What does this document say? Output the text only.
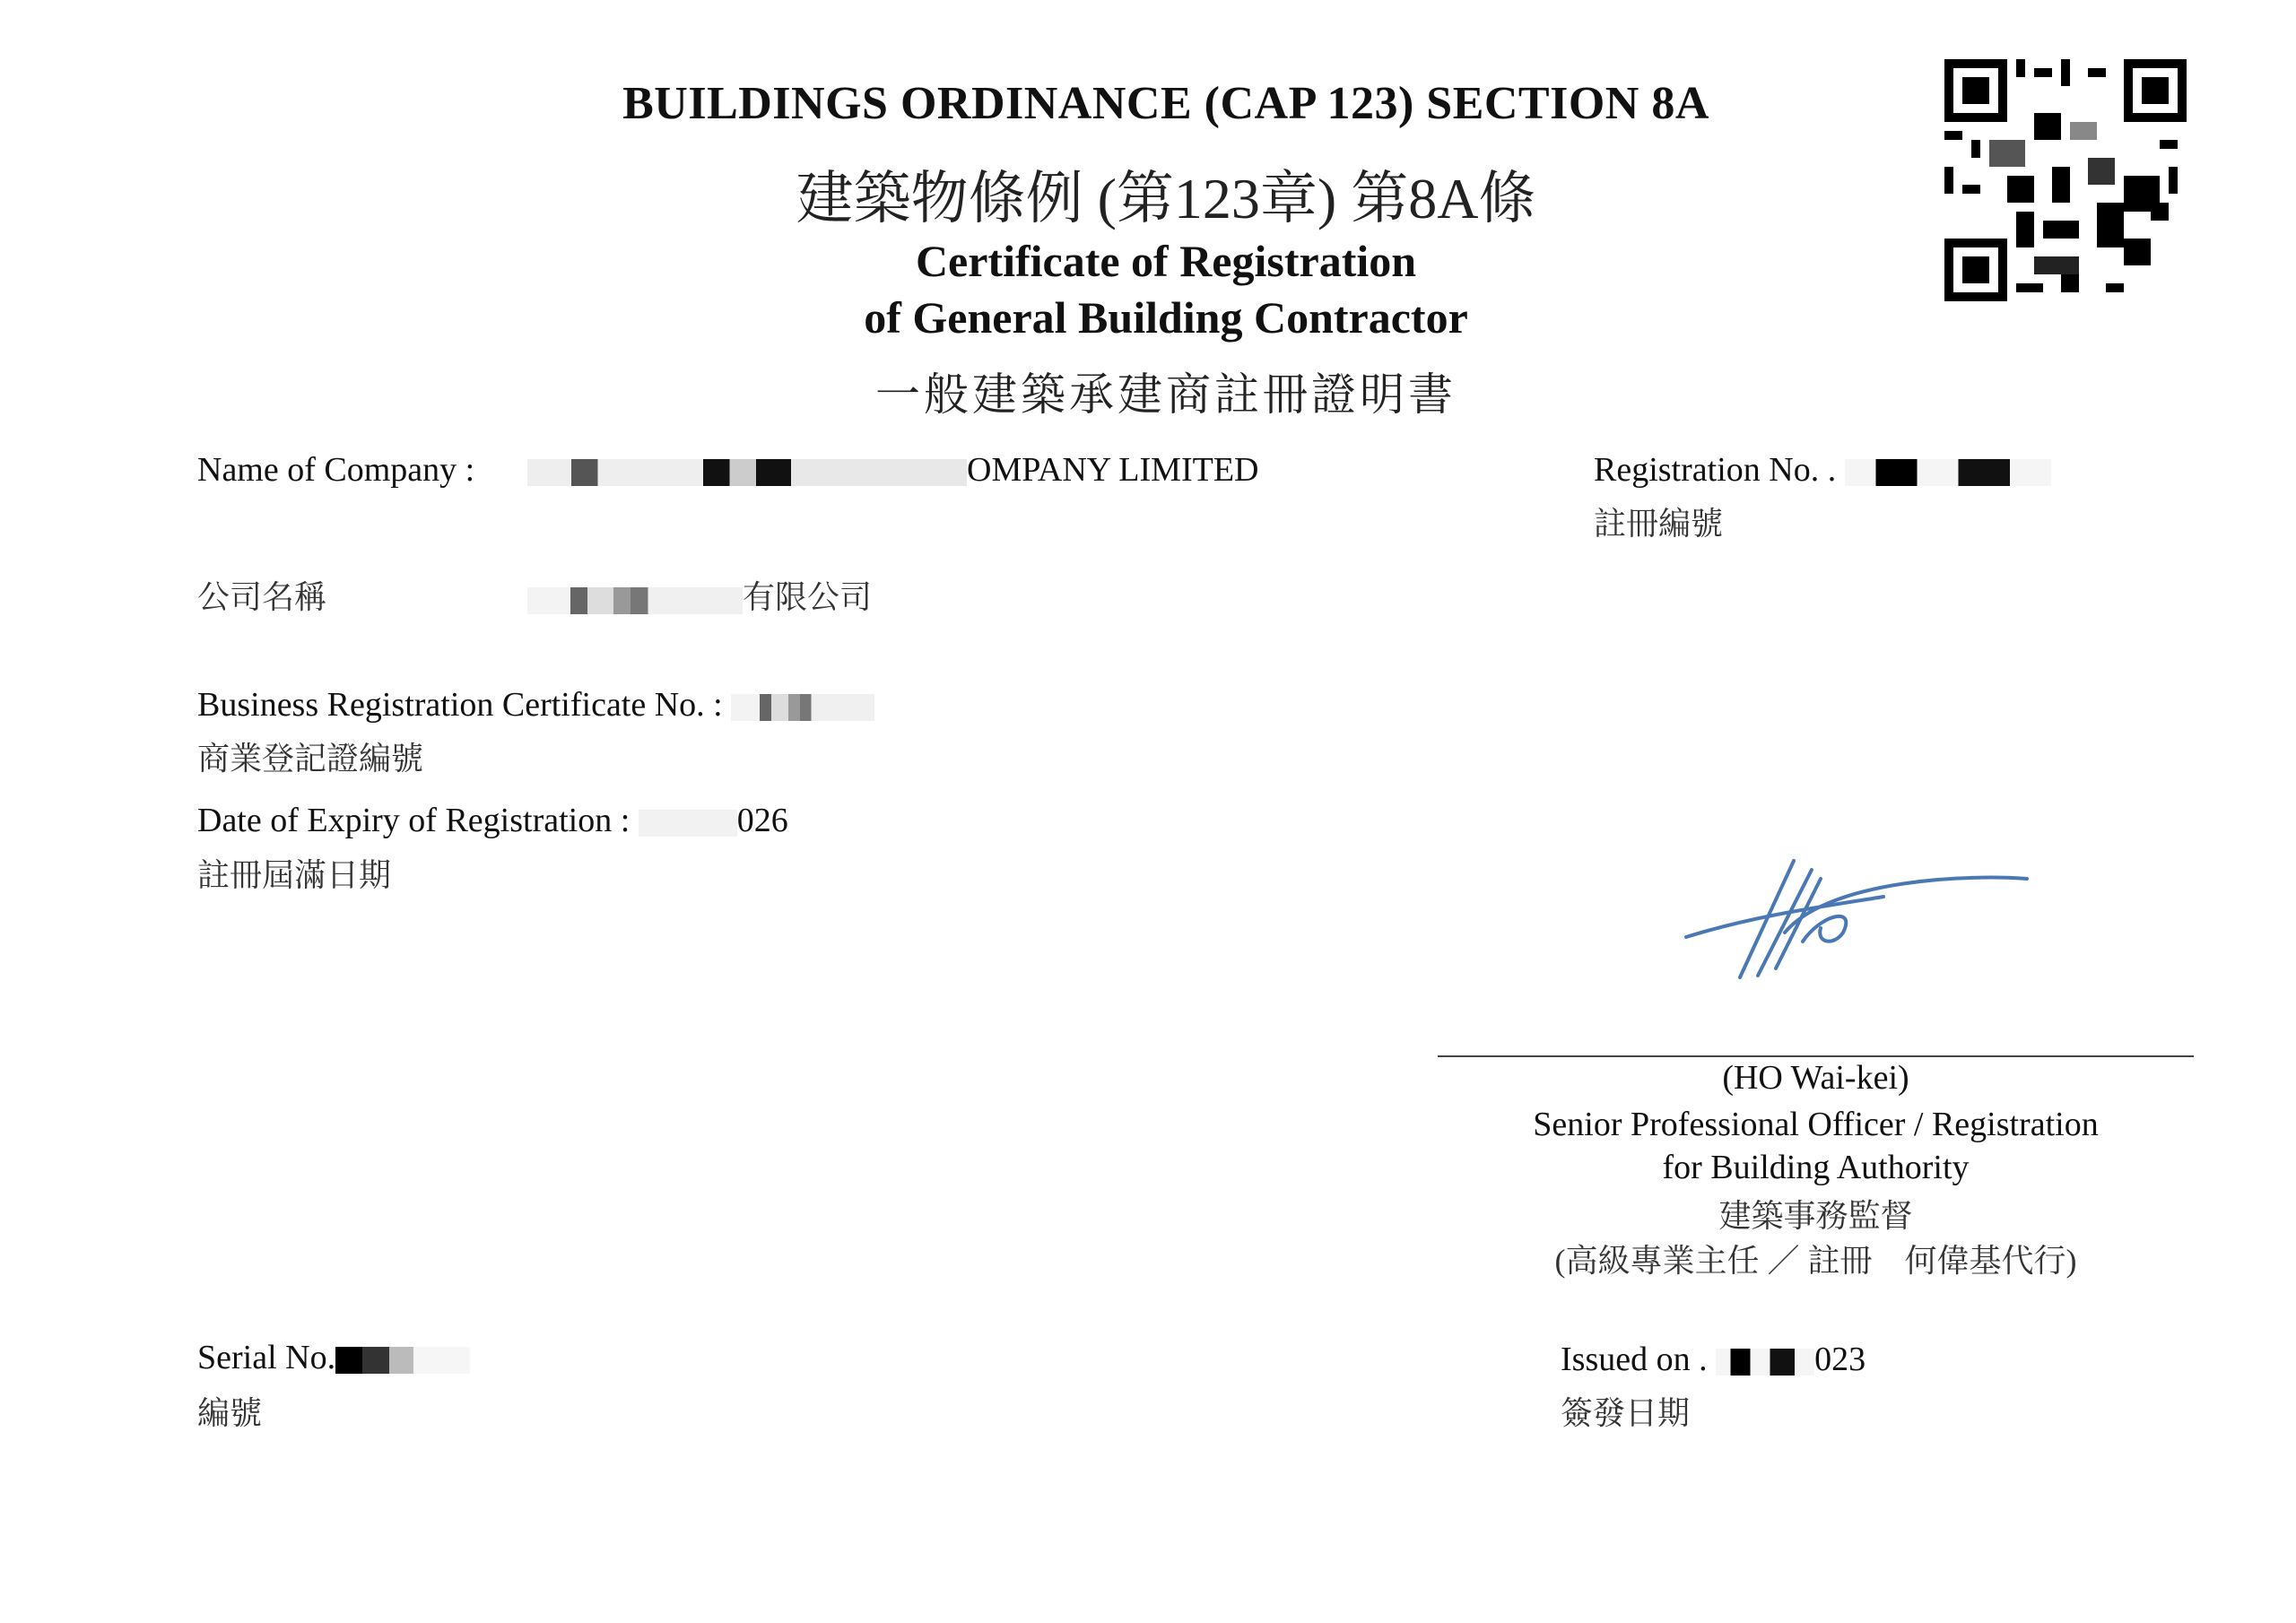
BUILDINGS ORDINANCE (CAP 123) SECTION 8A
建築物條例 (第123章) 第8A條
Certificate of Registration
of General Building Contractor
一般建築承建商註冊證明書
Name of Company :	OMPANY LIMITED
公司名稱	有限公司
Registration No. .
註冊編號
Business Registration Certificate No. :
商業登記證編號
Date of Expiry of Registration :	026
註冊屆滿日期
(HO Wai-kei)
Senior Professional Officer / Registration
for Building Authority
建築事務監督
(高級專業主任 ／ 註冊　何偉基代行)
Serial No.
編號
Issued on .	023
簽發日期
